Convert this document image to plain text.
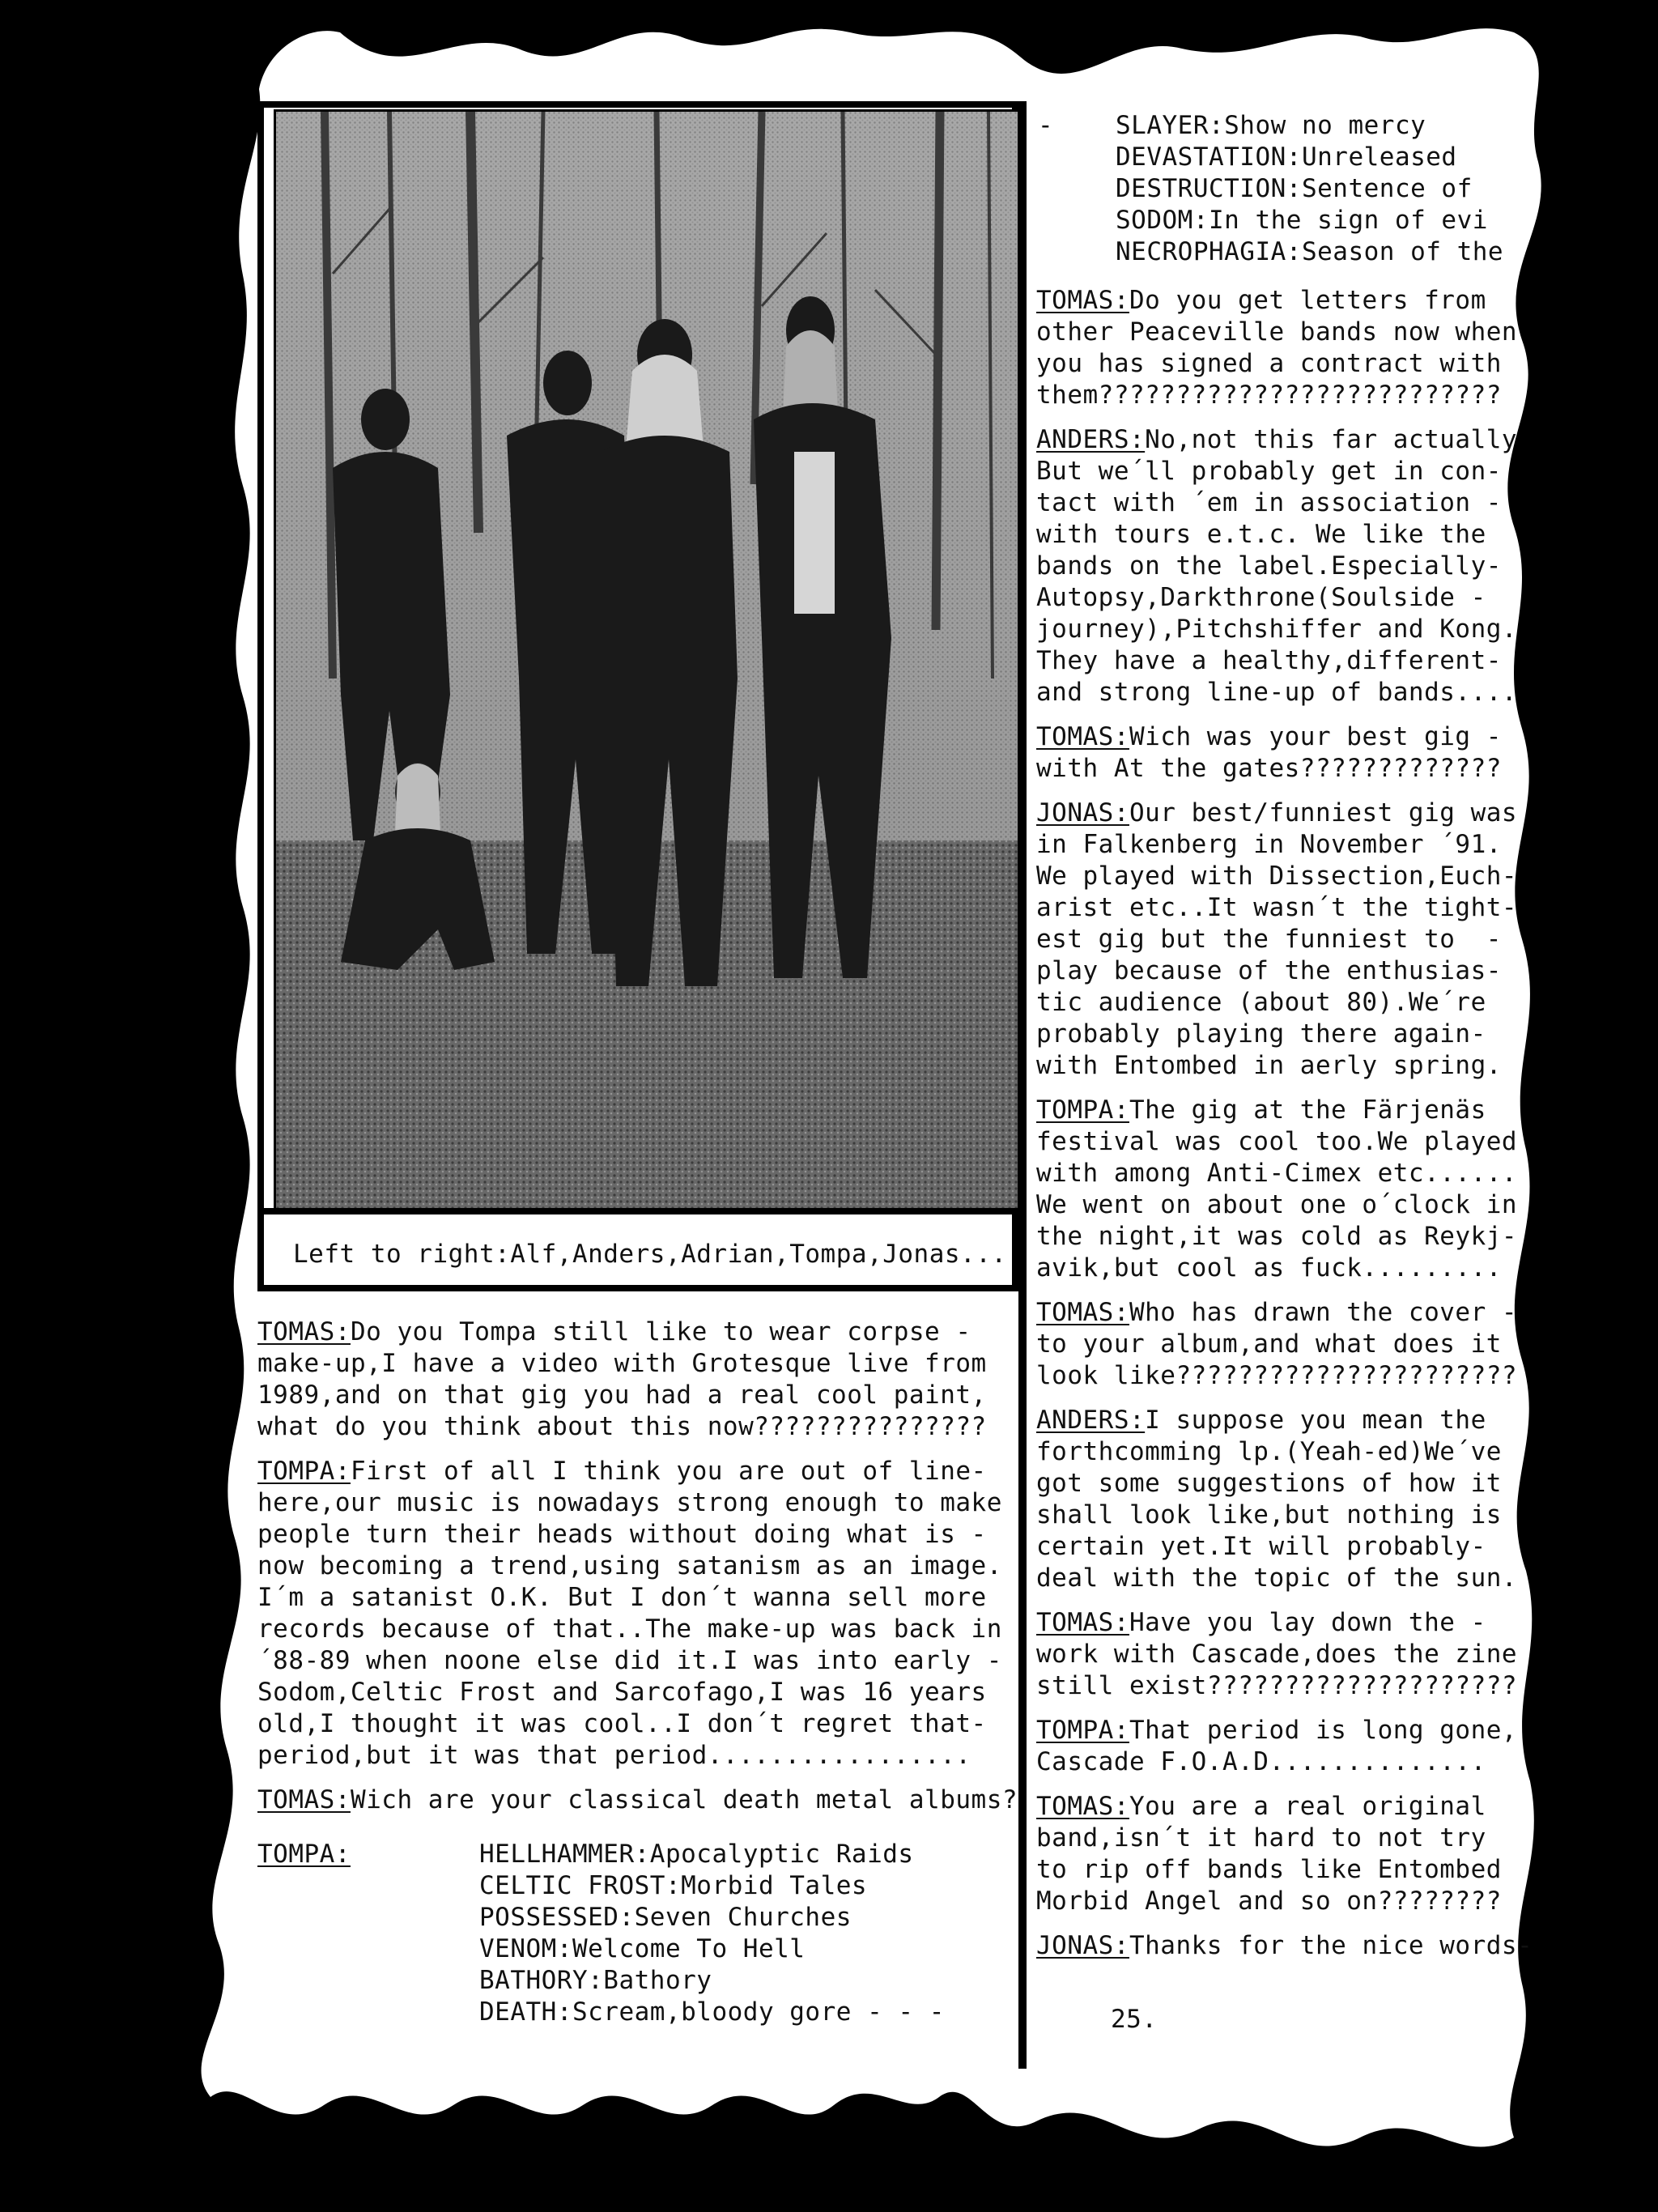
Left to right:Alf,Anders,Adrian,Tompa,Jonas...
- SLAYER:Show no mercy
DEVASTATION:Unreleased
DESTRUCTION:Sentence of
SODOM:In the sign of evi
NECROPHAGIA:Season of the
TOMAS:Do you get letters from
other Peaceville bands now when
you has signed a contract with
them??????????????????????????
ANDERS:No,not this far actually
But we´ll probably get in con-
tact with ´em in association -
with tours e.t.c. We like the
bands on the label.Especially-
Autopsy,Darkthrone(Soulside -
journey),Pitchshiffer and Kong.
They have a healthy,different-
and strong line-up of bands....
TOMAS:Wich was your best gig -
with At the gates?????????????
JONAS:Our best/funniest gig was
in Falkenberg in November ´91.
We played with Dissection,Euch-
arist etc..It wasn´t the tight-
est gig but the funniest to  -
play because of the enthusias-
tic audience (about 80).We´re
probably playing there again-
with Entombed in aerly spring.
TOMPA:The gig at the Färjenäs
festival was cool too.We played
with among Anti-Cimex etc......
We went on about one o´clock in
the night,it was cold as Reykj-
avik,but cool as fuck.........
TOMAS:Who has drawn the cover -
to your album,and what does it
look like??????????????????????
ANDERS:I suppose you mean the
forthcomming lp.(Yeah-ed)We´ve
got some suggestions of how it
shall look like,but nothing is
certain yet.It will probably-
deal with the topic of the sun.
TOMAS:Have you lay down the -
work with Cascade,does the zine
still exist????????????????????
TOMPA:That period is long gone,
Cascade F.O.A.D..............
TOMAS:You are a real original
band,isn´t it hard to not try
to rip off bands like Entombed
Morbid Angel and so on????????
JONAS:Thanks for the nice words-
25.
TOMAS:Do you Tompa still like to wear corpse -
make-up,I have a video with Grotesque live from
1989,and on that gig you had a real cool paint,
what do you think about this now???????????????
TOMPA:First of all I think you are out of line-
here,our music is nowadays strong enough to make
people turn their heads without doing what is -
now becoming a trend,using satanism as an image.
I´m a satanist O.K. But I don´t wanna sell more
records because of that..The make-up was back in
´88-89 when noone else did it.I was into early -
Sodom,Celtic Frost and Sarcofago,I was 16 years
old,I thought it was cool..I don´t regret that-
period,but it was that period.................
TOMAS:Wich are your classical death metal albums?
TOMPA:	HELLHAMMER:Apocalyptic Raids
CELTIC FROST:Morbid Tales
POSSESSED:Seven Churches
VENOM:Welcome To Hell
BATHORY:Bathory
DEATH:Scream,bloody gore - - -
